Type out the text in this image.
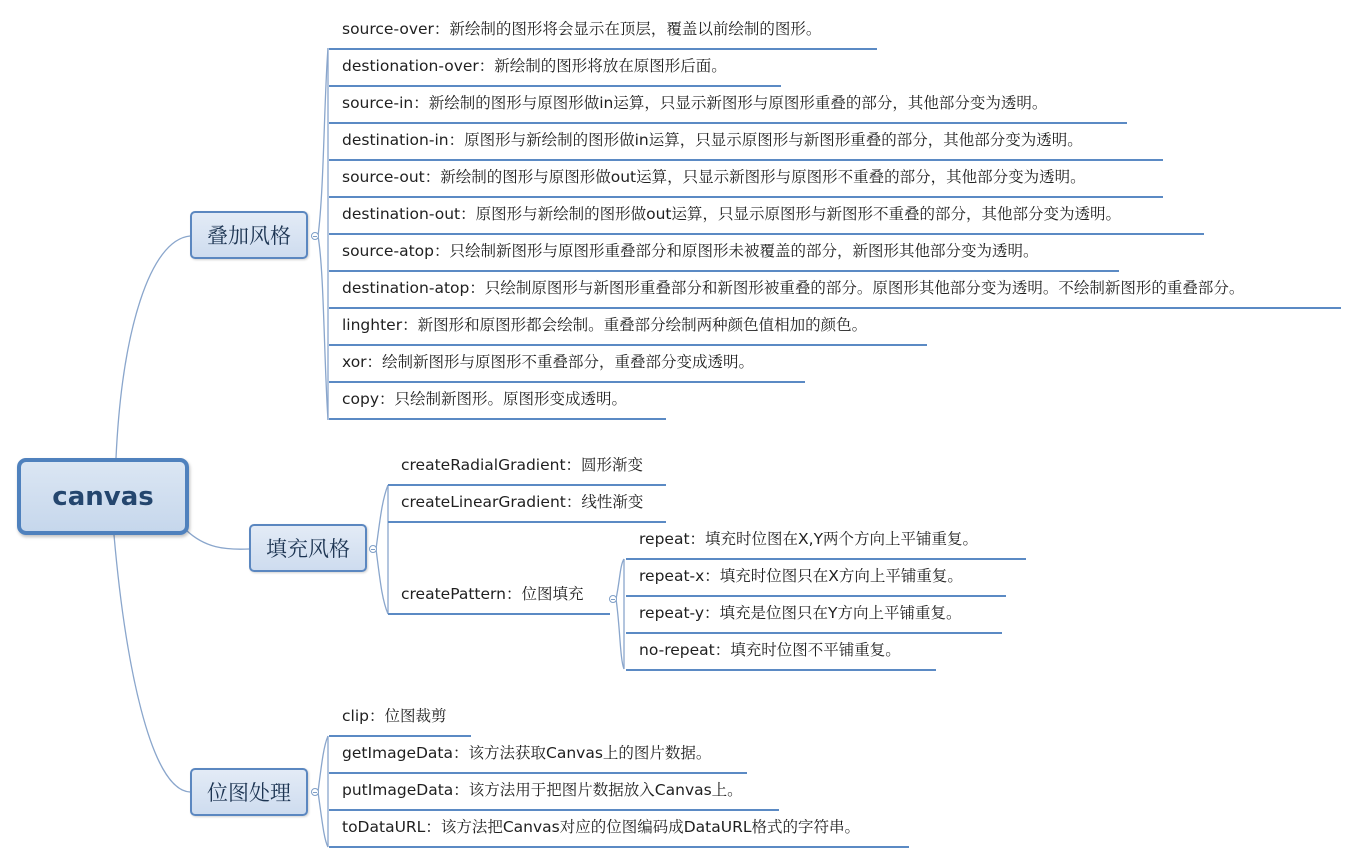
canvas
叠加风格
source-over：新绘制的图形将会显示在顶层，覆盖以前绘制的图形。
destionation-over：新绘制的图形将放在原图形后面。
source-in：新绘制的图形与原图形做in运算，只显示新图形与原图形重叠的部分，其他部分变为透明。
destination-in：原图形与新绘制的图形做in运算，只显示原图形与新图形重叠的部分，其他部分变为透明。
source-out：新绘制的图形与原图形做out运算，只显示新图形与原图形不重叠的部分，其他部分变为透明。
destination-out：原图形与新绘制的图形做out运算，只显示原图形与新图形不重叠的部分，其他部分变为透明。
source-atop：只绘制新图形与原图形重叠部分和原图形未被覆盖的部分，新图形其他部分变为透明。
destination-atop：只绘制原图形与新图形重叠部分和新图形被重叠的部分。原图形其他部分变为透明。不绘制新图形的重叠部分。
linghter：新图形和原图形都会绘制。重叠部分绘制两种颜色值相加的颜色。
xor：绘制新图形与原图形不重叠部分，重叠部分变成透明。
copy：只绘制新图形。原图形变成透明。
填充风格
createRadialGradient：圆形渐变
createLinearGradient：线性渐变
createPattern：位图填充
repeat：填充时位图在X,Y两个方向上平铺重复。
repeat-x：填充时位图只在X方向上平铺重复。
repeat-y：填充是位图只在Y方向上平铺重复。
no-repeat：填充时位图不平铺重复。
位图处理
clip：位图裁剪
getImageData：该方法获取Canvas上的图片数据。
putImageData：该方法用于把图片数据放入Canvas上。
toDataURL：该方法把Canvas对应的位图编码成DataURL格式的字符串。
